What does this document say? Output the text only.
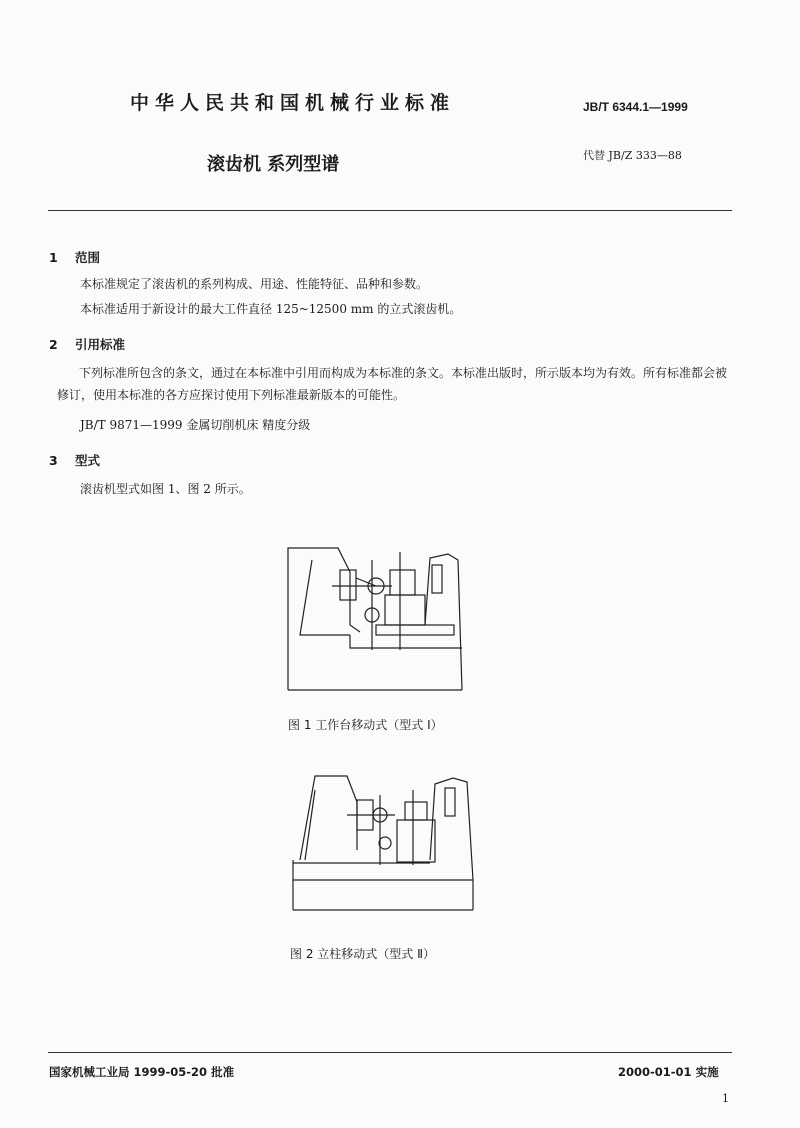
中华人民共和国机械行业标准	JB/T 6344.1—1999
滚齿机 系列型谱	代替 JB/Z 333—88
1 范围
本标准规定了滚齿机的系列构成、用途、性能特征、品种和参数。
本标准适用于新设计的最大工件直径 125~12500 mm 的立式滚齿机。
2 引用标准
下列标准所包含的条文，通过在本标准中引用而构成为本标准的条文。本标准出版时，所示版本均为有效。所有标准都会被修订，使用本标准的各方应探讨使用下列标准最新版本的可能性。
JB/T 9871—1999 金属切削机床 精度分级
3 型式
滚齿机型式如图 1、图 2 所示。
图 1 工作台移动式（型式 Ⅰ）
图 2 立柱移动式（型式 Ⅱ）
国家机械工业局 1999-05-20 批准	2000-01-01 实施
1
